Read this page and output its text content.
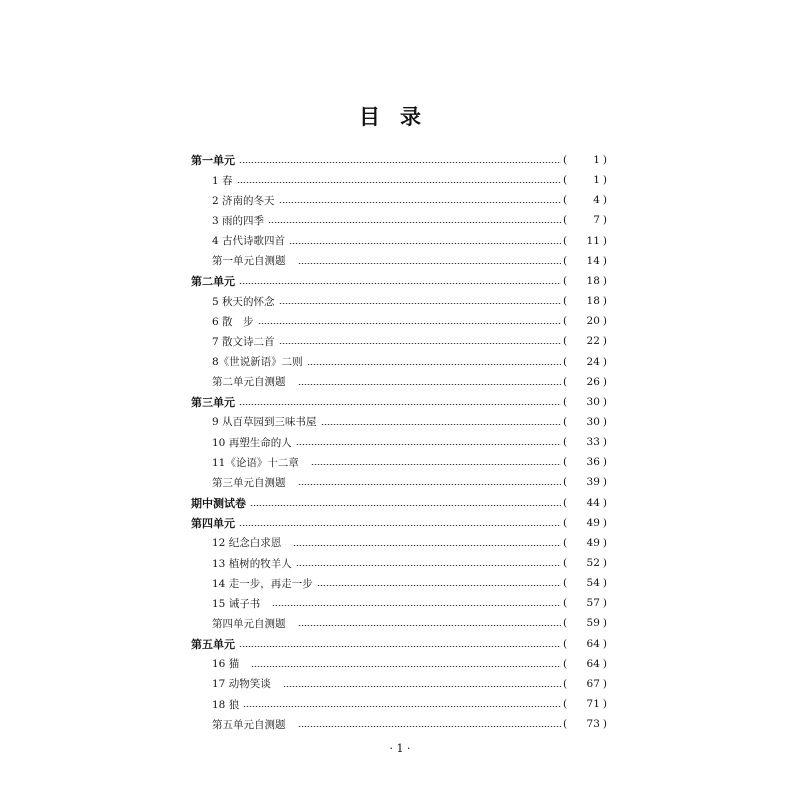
目录
第一单元	(	1 )
1 春	(	1 )
2 济南的冬天	(	4 )
3 雨的四季	(	7 )
4 古代诗歌四首	(	11 )
第一单元自测题	(	14 )
第二单元	(	18 )
5 秋天的怀念	(	18 )
6 散　步	(	20 )
7 散文诗二首	(	22 )
8《世说新语》二则	(	24 )
第二单元自测题	(	26 )
第三单元	(	30 )
9 从百草园到三味书屋	(	30 )
10 再塑生命的人	(	33 )
11《论语》十二章	(	36 )
第三单元自测题	(	39 )
期中测试卷	(	44 )
第四单元	(	49 )
12 纪念白求恩	(	49 )
13 植树的牧羊人	(	52 )
14 走一步，再走一步	(	54 )
15 诫子书	(	57 )
第四单元自测题	(	59 )
第五单元	(	64 )
16 猫	(	64 )
17 动物笑谈	(	67 )
18 狼	(	71 )
第五单元自测题	(	73 )
· 1 ·
